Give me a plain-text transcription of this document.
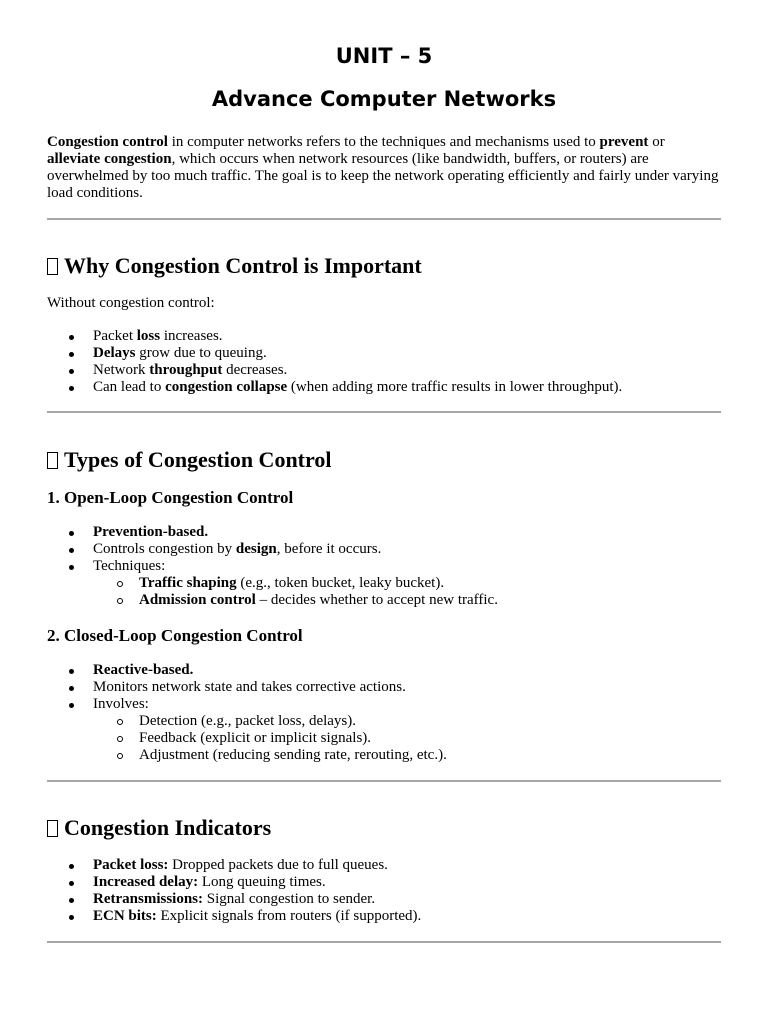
UNIT – 5
Advance Computer Networks
Congestion control in computer networks refers to the techniques and mechanisms used to prevent or alleviate congestion, which occurs when network resources (like bandwidth, buffers, or routers) are overwhelmed by too much traffic. The goal is to keep the network operating efficiently and fairly under varying load conditions.
Why Congestion Control is Important
Without congestion control:
Packet loss increases.
Delays grow due to queuing.
Network throughput decreases.
Can lead to congestion collapse (when adding more traffic results in lower throughput).
Types of Congestion Control
1. Open-Loop Congestion Control
Prevention-based.
Controls congestion by design, before it occurs.
Techniques:
Traffic shaping (e.g., token bucket, leaky bucket).
Admission control – decides whether to accept new traffic.
2. Closed-Loop Congestion Control
Reactive-based.
Monitors network state and takes corrective actions.
Involves:
Detection (e.g., packet loss, delays).
Feedback (explicit or implicit signals).
Adjustment (reducing sending rate, rerouting, etc.).
Congestion Indicators
Packet loss: Dropped packets due to full queues.
Increased delay: Long queuing times.
Retransmissions: Signal congestion to sender.
ECN bits: Explicit signals from routers (if supported).
